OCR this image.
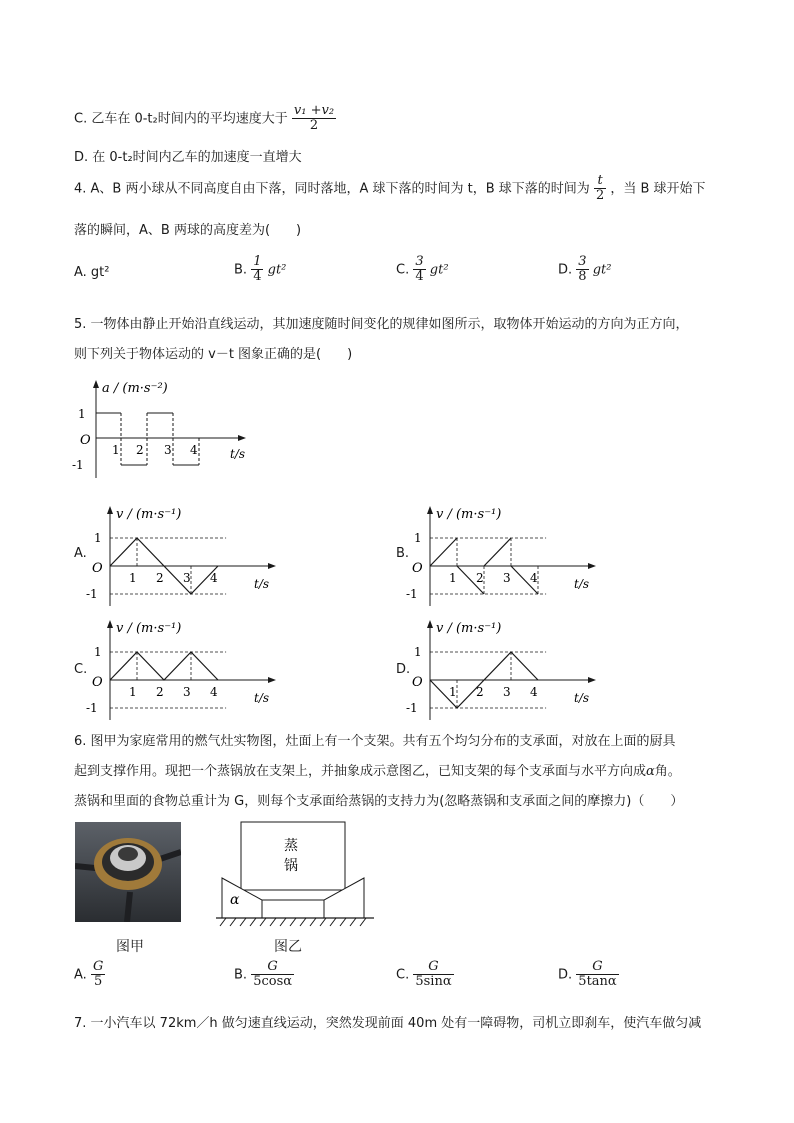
C. 乙车在 0-t₂时间内的平均速度大于 $\frac{\text{v₁ +v₂}}{2}$
D. 在 0-t₂时间内乙车的加速度一直增大
4. A、B 两小球从不同高度自由下落，同时落地，A 球下落的时间为 t，B 球下落的时间为 $\frac{t}{2}$ ，当 B 球开始下
落的瞬间，A、B 两球的高度差为(　　)
A. gt²	B. $\frac{1}{4} gt^2$	C. $\frac{3}{4} gt^2$	D. $\frac{3}{8} gt^2$
5. 一物体由静止开始沿直线运动，其加速度随时间变化的规律如图所示，取物体开始运动的方向为正方向，
则下列关于物体运动的 v－t 图象正确的是(　　)
a / (m·s⁻²)
O
1
-1
t/s
1 2 3 4
A.
v / (m·s⁻¹)
O
1
-1
t/s
1 2 3 4
B.
v / (m·s⁻¹)
O
1
-1
t/s
1 2 3 4
C.
v / (m·s⁻¹)
O
1
-1
t/s
1 2 3 4
D.
v / (m·s⁻¹)
O
1
-1
t/s
1 2 3 4
6. 图甲为家庭常用的燃气灶实物图，灶面上有一个支架。共有五个均匀分布的支承面，对放在上面的厨具
起到支撑作用。现把一个蒸锅放在支架上，并抽象成示意图乙，已知支架的每个支承面与水平方向成α角。
蒸锅和里面的食物总重计为 G，则每个支承面给蒸锅的支持力为(忽略蒸锅和支承面之间的摩擦力)（　　）
图甲
蒸
锅
α
图乙
A. $\frac{G}{5}$	B. $\frac{G}{5\cos\alpha}$	C. $\frac{G}{5\sin\alpha}$	D. $\frac{G}{5\tan\alpha}$
7. 一小汽车以 72km／h 做匀速直线运动，突然发现前面 40m 处有一障碍物，司机立即刹车，使汽车做匀减
